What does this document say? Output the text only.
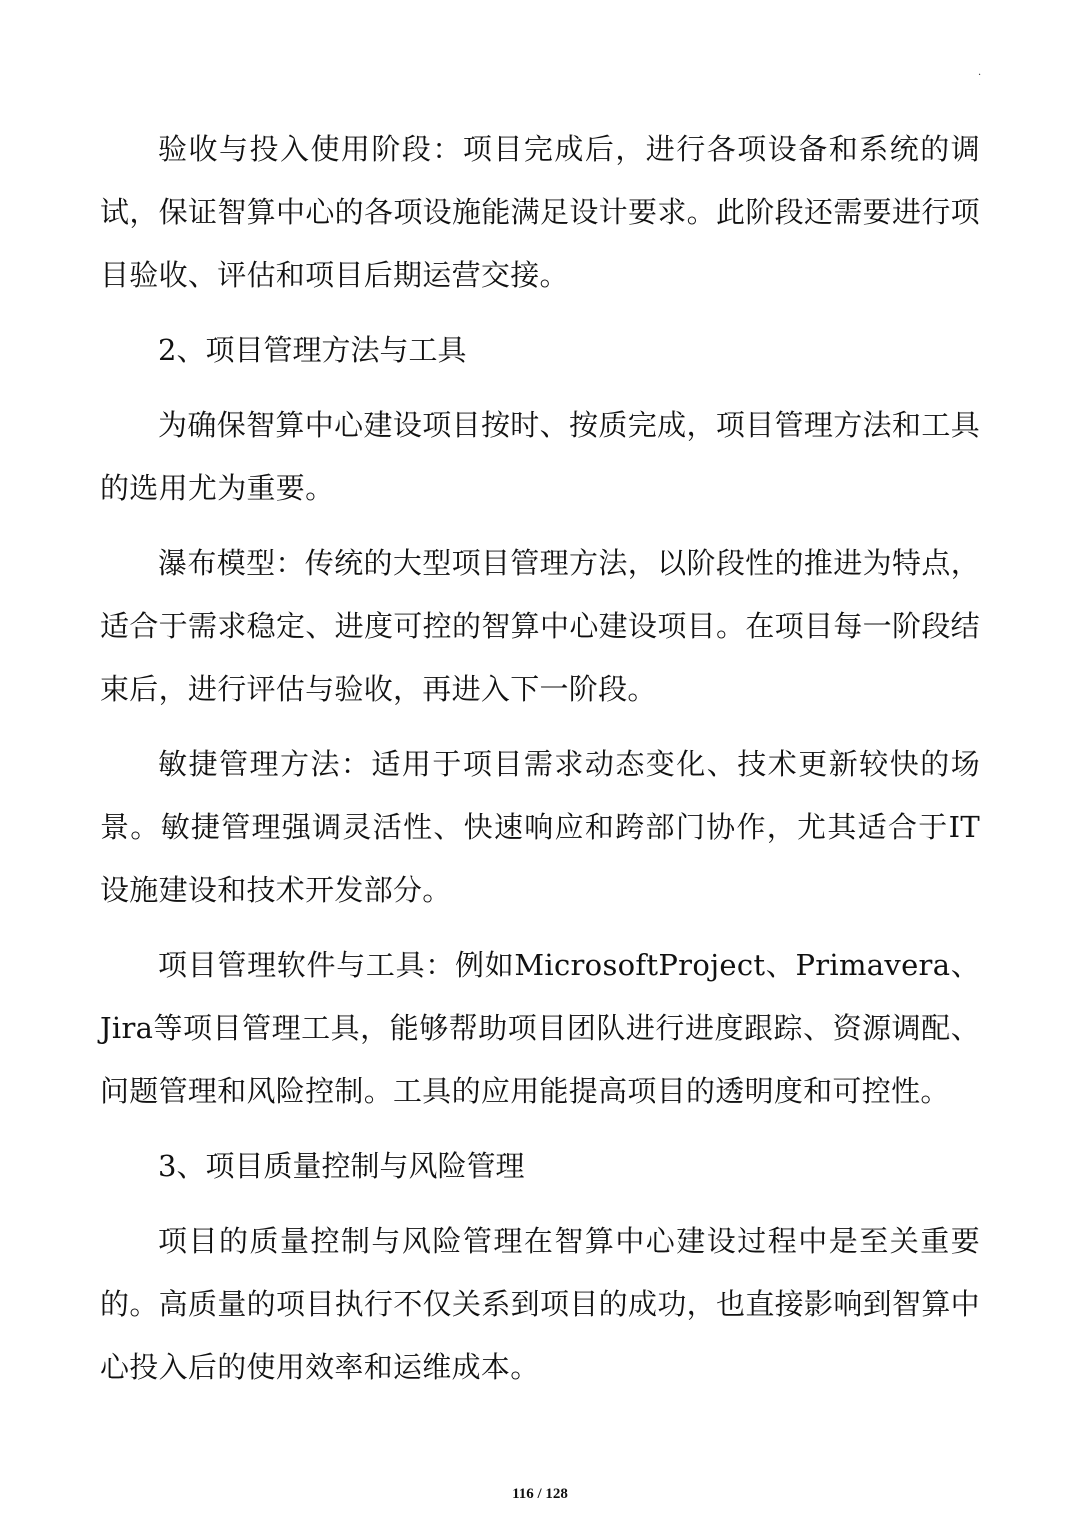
·

验收与投入使用阶段：项目完成后，进行各项设备和系统的调试，保证智算中心的各项设施能满足设计要求。此阶段还需要进行项目验收、评估和项目后期运营交接。

2、项目管理方法与工具

为确保智算中心建设项目按时、按质完成，项目管理方法和工具的选用尤为重要。

瀑布模型：传统的大型项目管理方法，以阶段性的推进为特点，适合于需求稳定、进度可控的智算中心建设项目。在项目每一阶段结束后，进行评估与验收，再进入下一阶段。

敏捷管理方法：适用于项目需求动态变化、技术更新较快的场景。敏捷管理强调灵活性、快速响应和跨部门协作，尤其适合于IT设施建设和技术开发部分。

项目管理软件与工具：例如MicrosoftProject、Primavera、Jira等项目管理工具，能够帮助项目团队进行进度跟踪、资源调配、问题管理和风险控制。工具的应用能提高项目的透明度和可控性。

3、项目质量控制与风险管理

项目的质量控制与风险管理在智算中心建设过程中是至关重要的。高质量的项目执行不仅关系到项目的成功，也直接影响到智算中心投入后的使用效率和运维成本。

116 / 128
